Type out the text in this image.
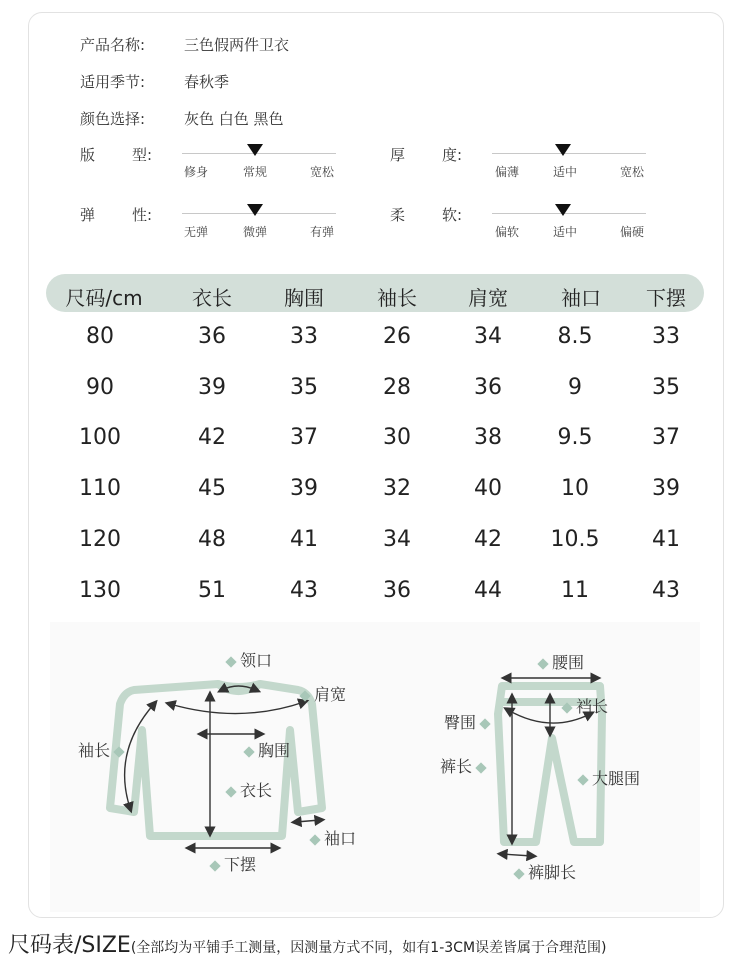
产品名称:	三色假两件卫衣
适用季节:	春秋季
颜色选择:	灰色 白色 黑色
版 型:
修身	常规	宽松
厚 度:
偏薄	适中	宽松
弹 性:
无弹	微弹	有弹
柔 软:
偏软	适中	偏硬
尺码/cm 衣长	胸围	袖长	肩宽	袖口 下摆
80	36	33	26	34	8.5	33
90	39	35	28	36	9	35
100	42	37	30	38	9.5	37
110	45	39	32	40	10	39
120	48	41	34	42 10.5 41
130	51	43	36	44	11	43
领口
肩宽
袖长	胸围
衣长
袖口
下摆
腰围
裆长
臀围
裤长
大腿围
裤脚长
尺码表/SIZE(全部均为平铺手工测量，因测量方式不同，如有1-3CM误差皆属于合理范围)
